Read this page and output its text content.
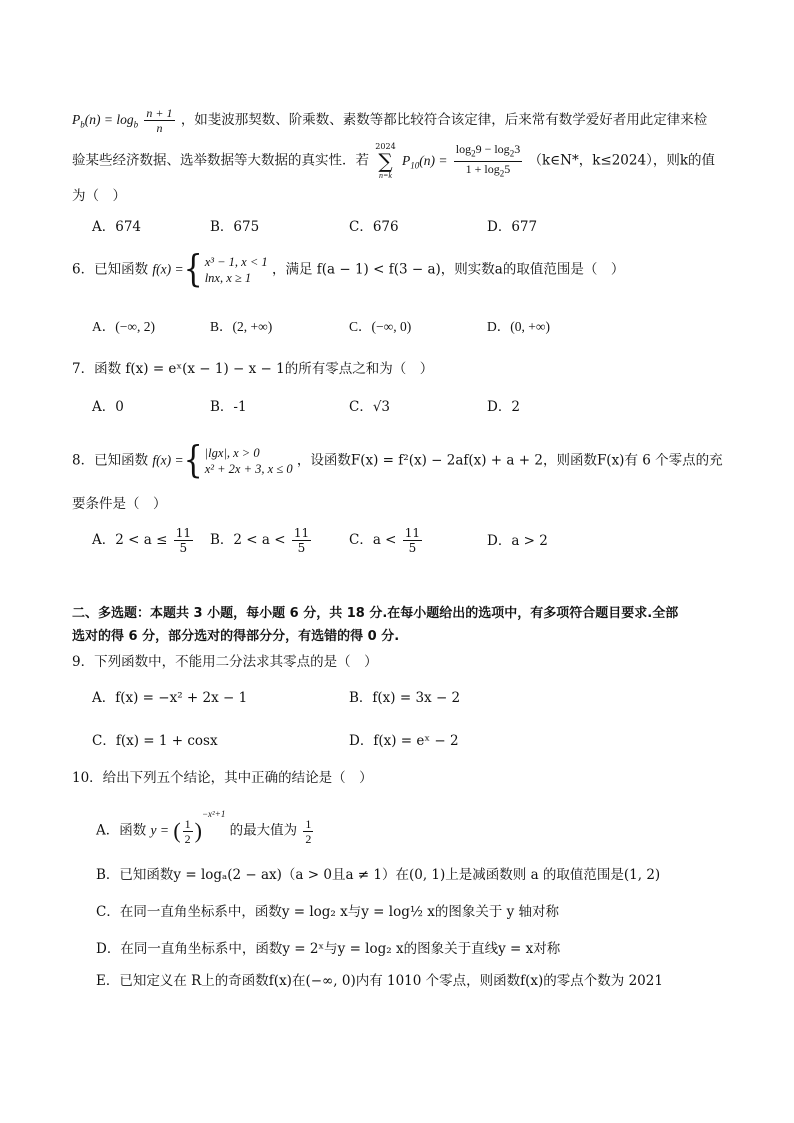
$P_b(n) = \log_b \frac{n + 1}{n}$ ，如斐波那契数、阶乘数、素数等都比较符合该定律，后来常有数学爱好者用此定律来检
验某些经济数据、选举数据等大数据的真实性．若
2024
∑
n=k
$P_{10}(n) = \frac{\log_29 - \log_23}{1 + \log_25}$ （k∈N*，k≤2024），则k的值
为（　）
A．674	B．675	C．676	D．677
6．已知函数 f(x) ={ x³ − 1, x < 1
lnx, x ≥ 1 ，满足 f(a − 1) < f(3 − a)，则实数a的取值范围是（　）
A．(−∞, 2)	B．(2, +∞)	C．(−∞, 0)	D．(0, +∞)
7．函数 f(x) = eˣ(x − 1) − x − 1的所有零点之和为（　）
A．0	B．-1	C．√3	D．2
8．已知函数 f(x) ={ |lgx|, x > 0
x² + 2x + 3, x ≤ 0 ，设函数F(x) = f²(x) − 2af(x) + a + 2，则函数F(x)有 6 个零点的充
要条件是（　）
A．$2 < a \le \frac{11}{5}$ B．$2 < a < \frac{11}{5}$	C．$a < \frac{11}{5}$	D．a > 2
二、多选题：本题共 3 小题，每小题 6 分，共 18 分.在每小题给出的选项中，有多项符合题目要求.全部
选对的得 6 分，部分选对的得部分分，有选错的得 0 分.
9．下列函数中，不能用二分法求其零点的是（　）
A．f(x) = −x² + 2x − 1	B．f(x) = 3x − 2
C．f(x) = 1 + cosx	D．f(x) = eˣ − 2
10．给出下列五个结论，其中正确的结论是（　）
A．函数 y = ( $\frac{1}{2} )^{-x^2+1}$ 的最大值为 $\frac{1}{2}$
B．已知函数y = logₐ(2 − ax)（a > 0且a ≠ 1）在(0, 1)上是减函数则 a 的取值范围是(1, 2)
C．在同一直角坐标系中，函数y = log₂ x与y = log½ x的图象关于 y 轴对称
D．在同一直角坐标系中，函数y = 2ˣ与y = log₂ x的图象关于直线y = x对称
E．已知定义在 R上的奇函数f(x)在(−∞, 0)内有 1010 个零点，则函数f(x)的零点个数为 2021
